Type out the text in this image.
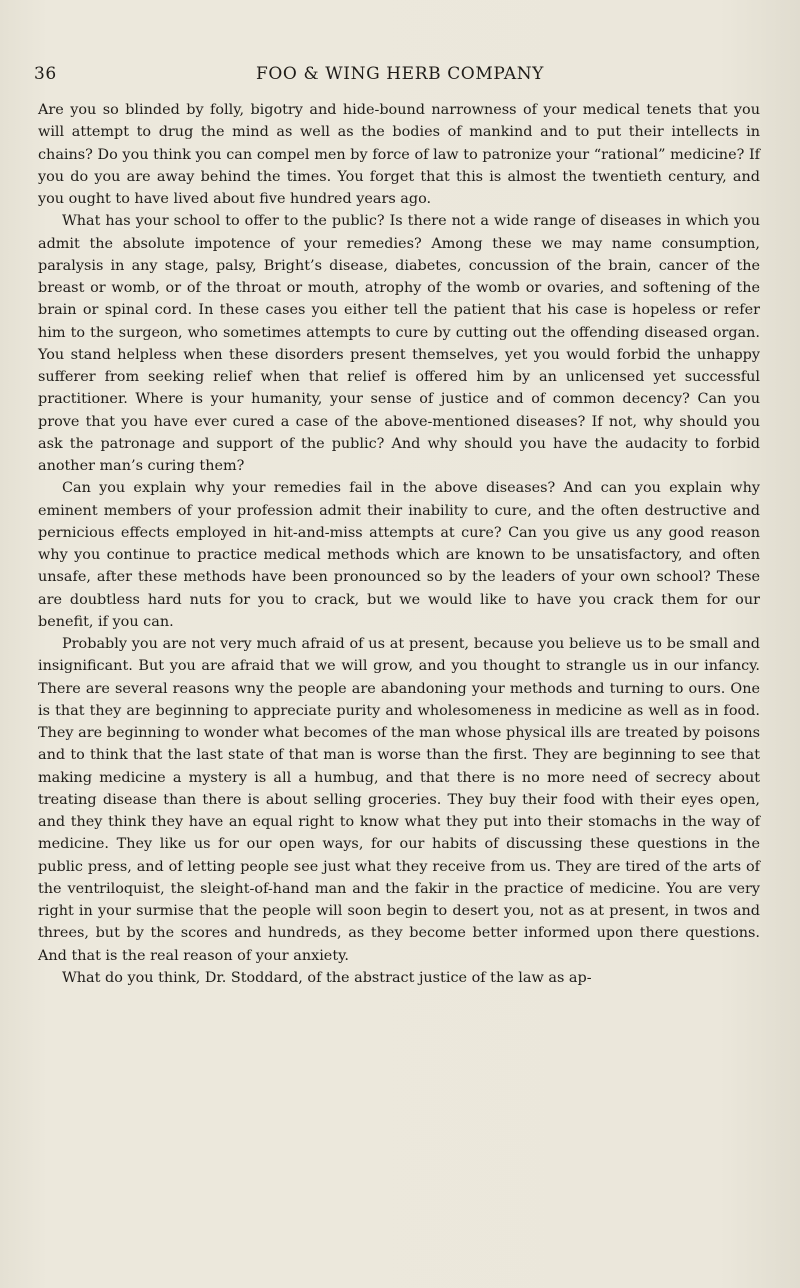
36	FOO & WING HERB COMPANY

Are you so blinded by folly, bigotry and hide-bound narrowness of your medical tenets that you will attempt to drug the mind as well as the bodies of mankind and to put their intellects in chains? Do you think you can compel men by force of law to patronize your “rational” medicine? If you do you are away behind the times. You forget that this is almost the twentieth century, and you ought to have lived about five hundred years ago.

What has your school to offer to the public? Is there not a wide range of diseases in which you admit the absolute impotence of your remedies? Among these we may name consumption, paralysis in any stage, palsy, Bright’s disease, diabetes, concussion of the brain, cancer of the breast or womb, or of the throat or mouth, atrophy of the womb or ovaries, and softening of the brain or spinal cord. In these cases you either tell the patient that his case is hopeless or refer him to the surgeon, who sometimes attempts to cure by cutting out the offending diseased organ. You stand helpless when these disorders present themselves, yet you would forbid the unhappy sufferer from seeking relief when that relief is offered him by an unlicensed yet successful practitioner. Where is your humanity, your sense of justice and of common decency? Can you prove that you have ever cured a case of the above-mentioned diseases? If not, why should you ask the patronage and support of the public? And why should you have the audacity to forbid another man’s curing them?

Can you explain why your remedies fail in the above diseases? And can you explain why eminent members of your profession admit their inability to cure, and the often destructive and pernicious effects employed in hit-and-miss attempts at cure? Can you give us any good reason why you continue to practice medical methods which are known to be unsatisfactory, and often unsafe, after these methods have been pronounced so by the leaders of your own school? These are doubtless hard nuts for you to crack, but we would like to have you crack them for our benefit, if you can.

Probably you are not very much afraid of us at present, because you believe us to be small and insignificant. But you are afraid that we will grow, and you thought to strangle us in our infancy. There are several reasons wny the people are abandoning your methods and turning to ours. One is that they are beginning to appreciate purity and wholesomeness in medicine as well as in food. They are beginning to wonder what becomes of the man whose physical ills are treated by poisons and to think that the last state of that man is worse than the first. They are beginning to see that making medicine a mystery is all a humbug, and that there is no more need of secrecy about treating disease than there is about selling groceries. They buy their food with their eyes open, and they think they have an equal right to know what they put into their stomachs in the way of medicine. They like us for our open ways, for our habits of discussing these questions in the public press, and of letting people see just what they receive from us. They are tired of the arts of the ventriloquist, the sleight-of-hand man and the fakir in the practice of medicine. You are very right in your surmise that the people will soon begin to desert you, not as at present, in twos and threes, but by the scores and hundreds, as they become better informed upon there questions. And that is the real reason of your anxiety.

What do you think, Dr. Stoddard, of the abstract justice of the law as ap-
